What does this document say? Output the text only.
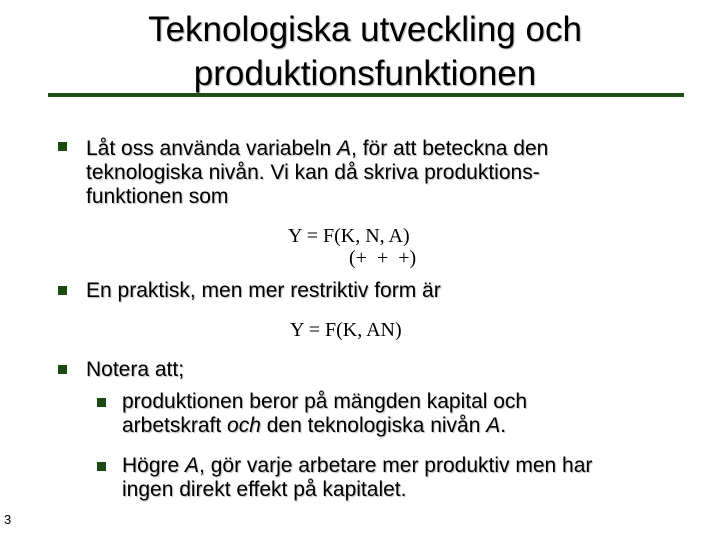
Teknologiska utveckling och
produktionsfunktionen
Låt oss använda variabeln A, för att beteckna den
teknologiska nivån. Vi kan då skriva produktions-
funktionen som
Y = F(K, N, A)
(+  +  +)
En praktisk, men mer restriktiv form är
Y = F(K, AN)
Notera att;
produktionen beror på mängden kapital och
arbetskraft och den teknologiska nivån A.
Högre A, gör varje arbetare mer produktiv men har
ingen direkt effekt på kapitalet.
3
